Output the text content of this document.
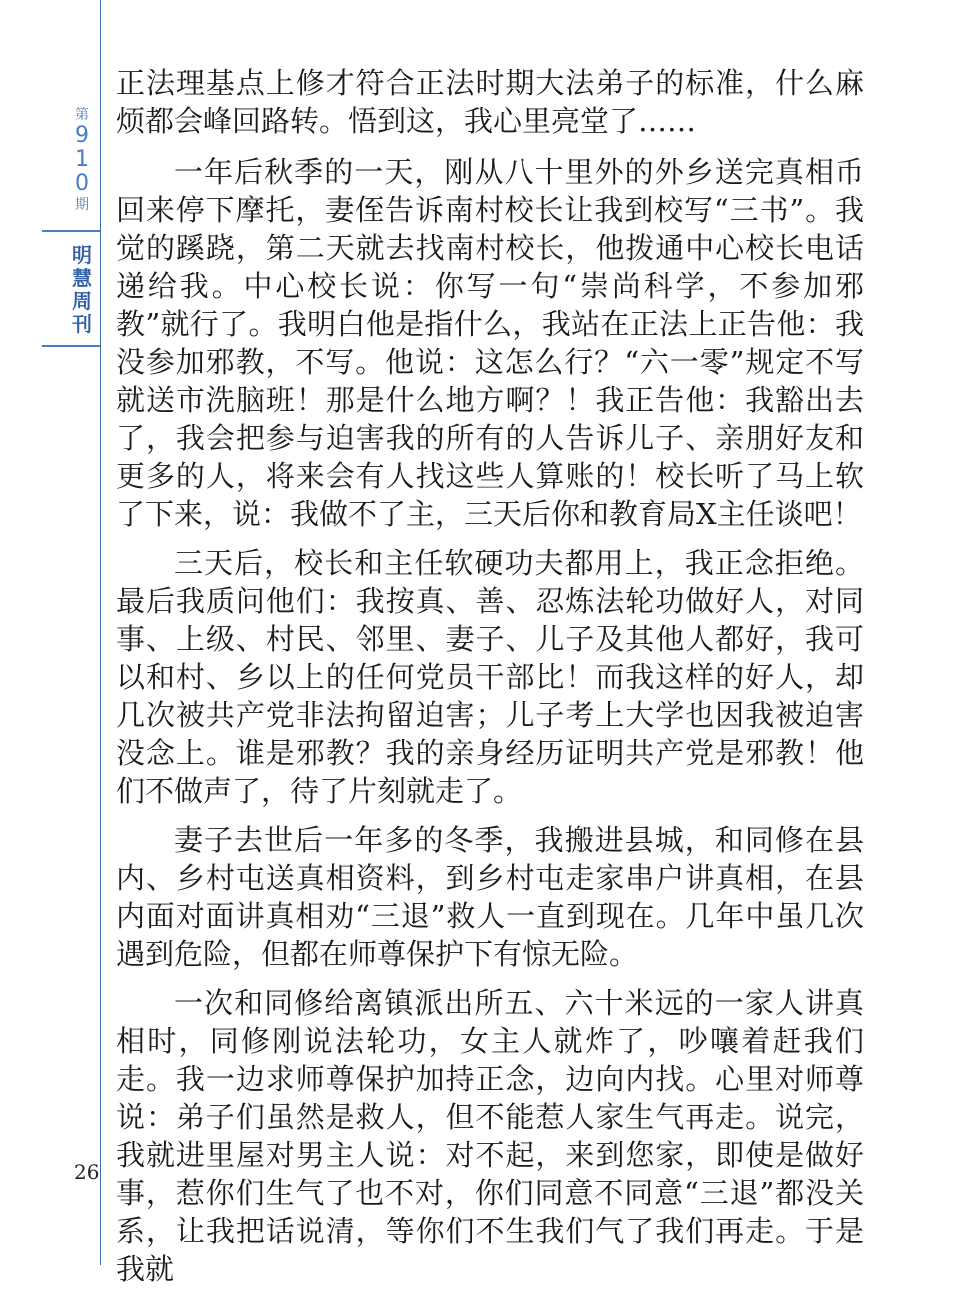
第
9
1
0
期
明
慧
周
刊
26

正法理基点上修才符合正法时期大法弟子的标准，什么麻烦都会峰回路转。悟到这，我心里亮堂了……

一年后秋季的一天，刚从八十里外的外乡送完真相币回来停下摩托，妻侄告诉南村校长让我到校写“三书”。我觉的蹊跷，第二天就去找南村校长，他拨通中心校长电话递给我。中心校长说：你写一句“崇尚科学，不参加邪教”就行了。我明白他是指什么，我站在正法上正告他：我没参加邪教，不写。他说：这怎么行？“六一零”规定不写就送市洗脑班！那是什么地方啊？！我正告他：我豁出去了，我会把参与迫害我的所有的人告诉儿子、亲朋好友和更多的人，将来会有人找这些人算账的！校长听了马上软了下来，说：我做不了主，三天后你和教育局X主任谈吧！

三天后，校长和主任软硬功夫都用上，我正念拒绝。最后我质问他们：我按真、善、忍炼法轮功做好人，对同事、上级、村民、邻里、妻子、儿子及其他人都好，我可以和村、乡以上的任何党员干部比！而我这样的好人，却几次被共产党非法拘留迫害；儿子考上大学也因我被迫害没念上。谁是邪教？我的亲身经历证明共产党是邪教！他们不做声了，待了片刻就走了。

妻子去世后一年多的冬季，我搬进县城，和同修在县内、乡村屯送真相资料，到乡村屯走家串户讲真相，在县内面对面讲真相劝“三退”救人一直到现在。几年中虽几次遇到危险，但都在师尊保护下有惊无险。

一次和同修给离镇派出所五、六十米远的一家人讲真相时，同修刚说法轮功，女主人就炸了，吵嚷着赶我们走。我一边求师尊保护加持正念，边向内找。心里对师尊说：弟子们虽然是救人，但不能惹人家生气再走。说完，我就进里屋对男主人说：对不起，来到您家，即使是做好事，惹你们生气了也不对，你们同意不同意“三退”都没关系，让我把话说清，等你们不生我们气了我们再走。于是我就
